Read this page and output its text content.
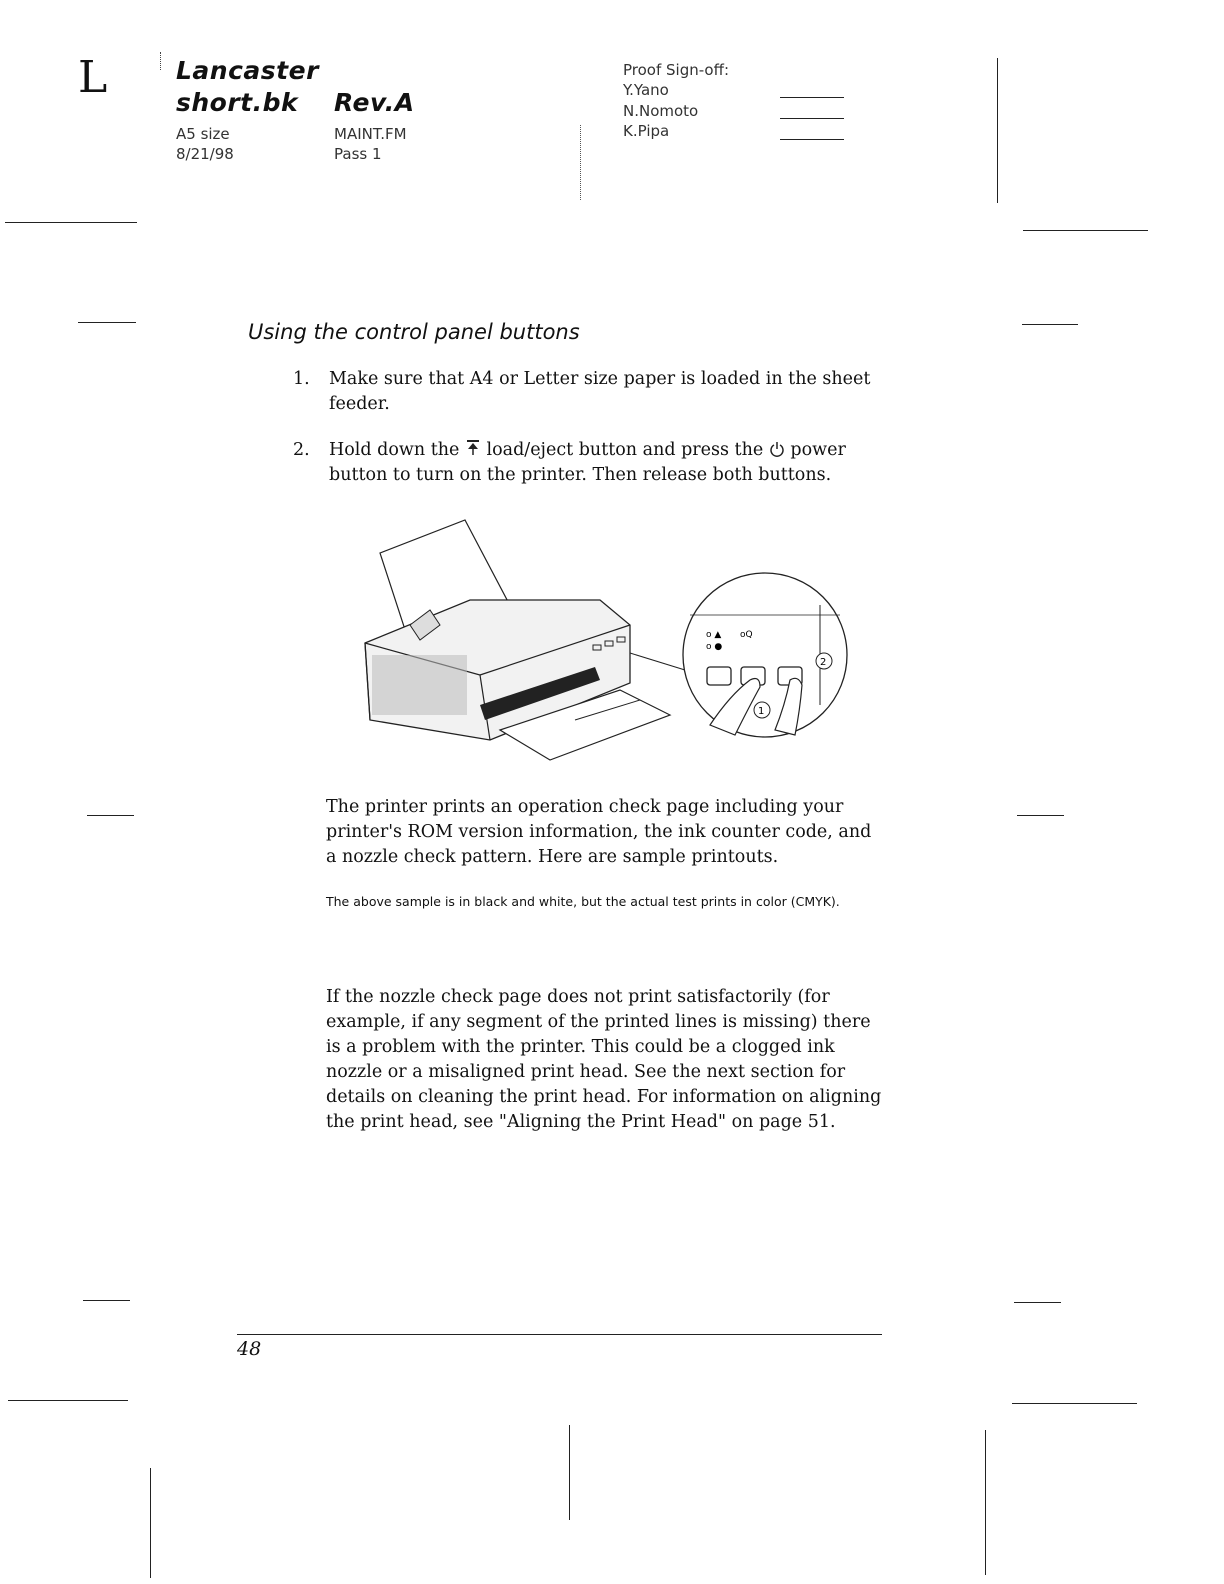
L	Lancaster
short.bk Rev.A
A5 size
8/21/98
MAINT.FM
Pass 1
Proof Sign-off:
Y.Yano
N.Nomoto
K.Pipa
Using the control panel buttons
1. Make sure that A4 or Letter size paper is loaded in the sheet feeder.
2. Hold down the load/eject button and press the power button to turn on the printer. Then release both buttons.
o ▲
o ●
oQ
1
2
The printer prints an operation check page including your printer's ROM version information, the ink counter code, and a nozzle check pattern. Here are sample printouts.
The above sample is in black and white, but the actual test prints in color (CMYK).
If the nozzle check page does not print satisfactorily (for example, if any segment of the printed lines is missing) there is a problem with the printer. This could be a clogged ink nozzle or a misaligned print head. See the next section for details on cleaning the print head. For information on aligning the print head, see "Aligning the Print Head" on page 51.
48
